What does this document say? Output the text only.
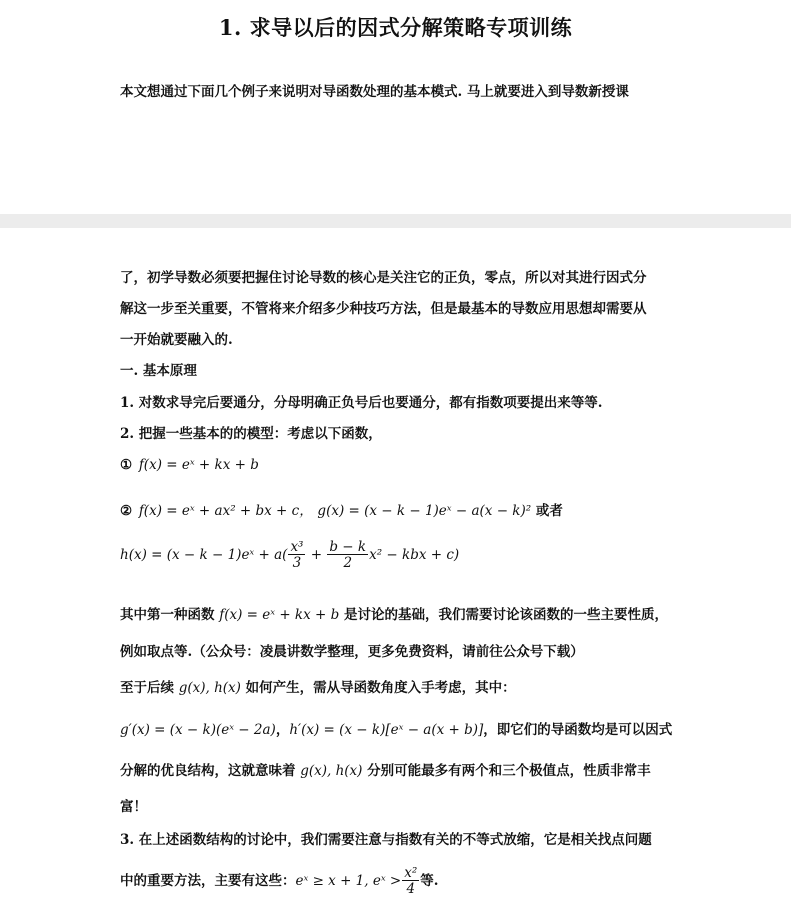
1. 求导以后的因式分解策略专项训练
本文想通过下面几个例子来说明对导函数处理的基本模式. 马上就要进入到导数新授课
了，初学导数必须要把握住讨论导数的核心是关注它的正负，零点，所以对其进行因式分
解这一步至关重要，不管将来介绍多少种技巧方法，但是最基本的导数应用思想却需要从
一开始就要融入的.
一. 基本原理
1. 对数求导完后要通分，分母明确正负号后也要通分，都有指数项要提出来等等.
2. 把握一些基本的的模型：考虑以下函数，
① f(x) = eˣ + kx + b
② f(x) = eˣ + ax² + bx + c， g(x) = (x − k − 1)eˣ − a(x − k)² 或者
h(x) = (x − k − 1)eˣ + $a( \frac{\text{x³}}{3} + \frac{b - k}{2} x^2$ − kbx + c)
其中第一种函数 f(x) = eˣ + kx + b 是讨论的基础，我们需要讨论该函数的一些主要性质，
例如取点等.（公众号：凌晨讲数学整理，更多免费资料，请前往公众号下载）
至于后续 g(x), h(x) 如何产生，需从导函数角度入手考虑，其中：
g′(x) = (x − k)(eˣ − 2a)，h′(x) = (x − k)[eˣ − a(x + b)]，即它们的导函数均是可以因式
分解的优良结构，这就意味着 g(x), h(x) 分别可能最多有两个和三个极值点，性质非常丰
富！
3. 在上述函数结构的讨论中，我们需要注意与指数有关的不等式放缩，它是相关找点问题
中的重要方法，主要有这些：eˣ ≥ x + 1, eˣ > $\frac{\text{x²}}{4}$ 等.
